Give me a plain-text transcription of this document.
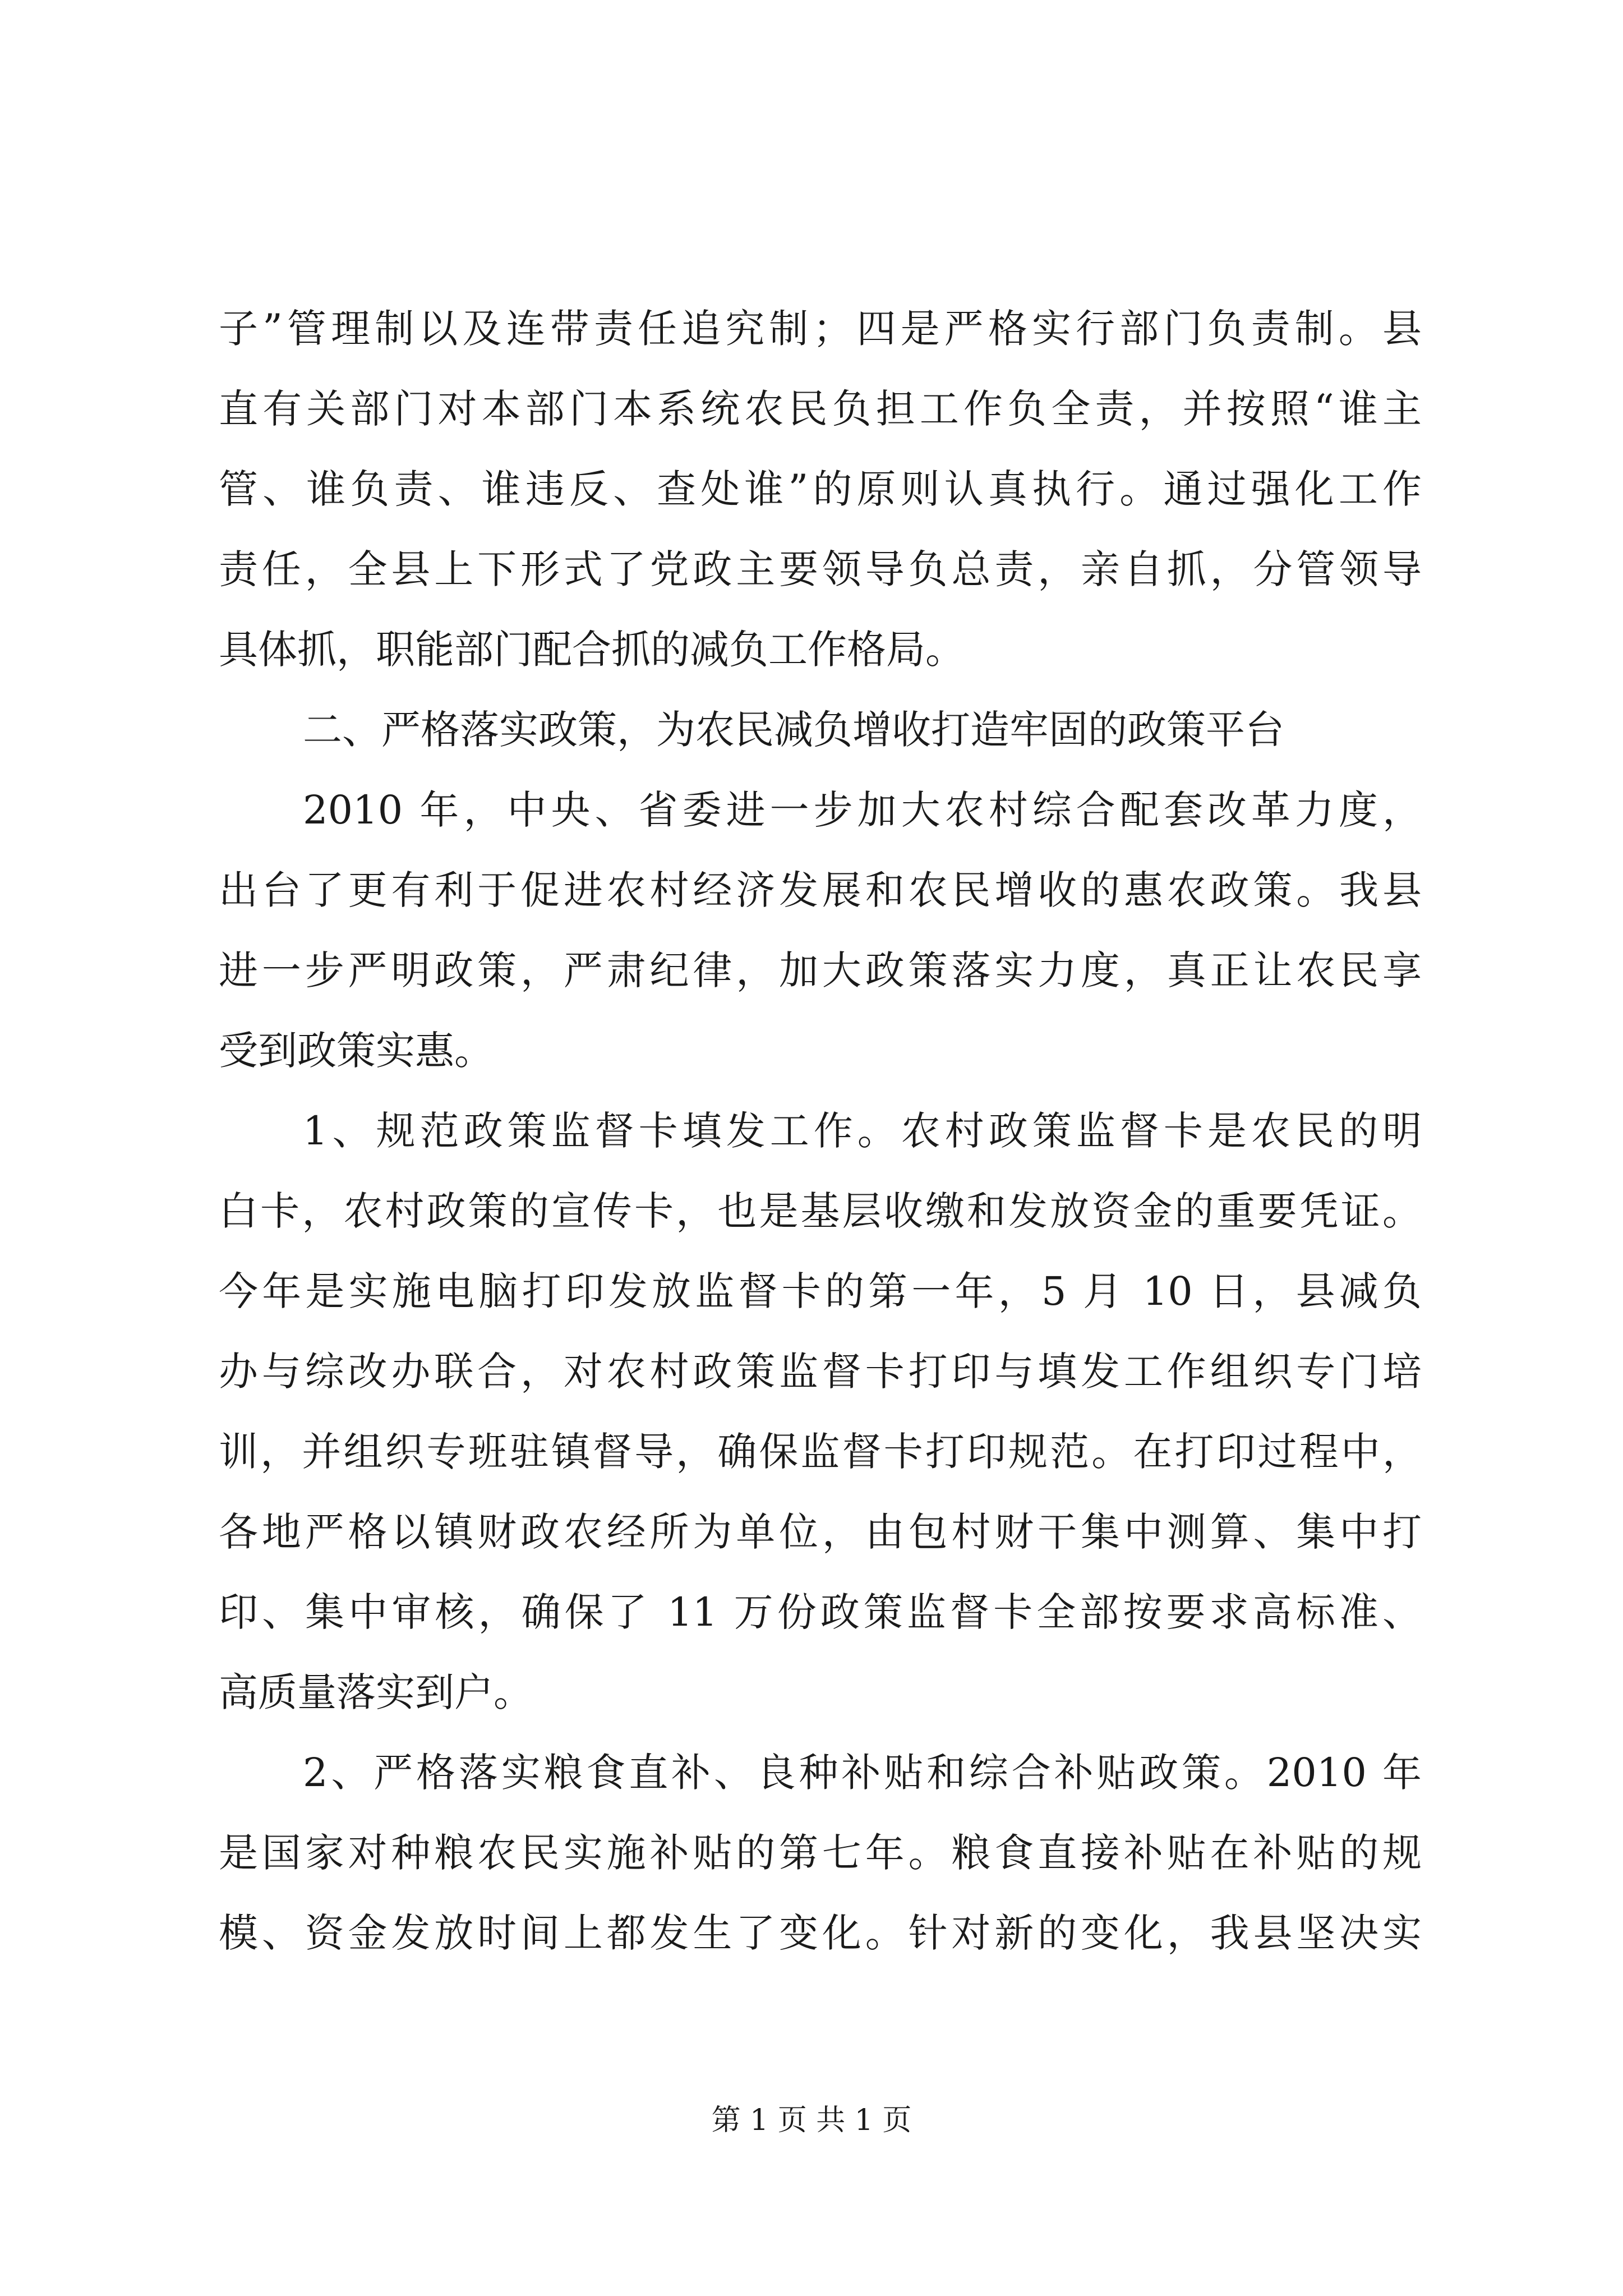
子”管理制以及连带责任追究制；四是严格实行部门负责制。县
直有关部门对本部门本系统农民负担工作负全责，并按照“谁主
管、谁负责、谁违反、查处谁”的原则认真执行。通过强化工作
责任，全县上下形式了党政主要领导负总责，亲自抓，分管领导
具体抓，职能部门配合抓的减负工作格局。
二、严格落实政策，为农民减负增收打造牢固的政策平台
2010 年，中央、省委进一步加大农村综合配套改革力度，
出台了更有利于促进农村经济发展和农民增收的惠农政策。我县
进一步严明政策，严肃纪律，加大政策落实力度，真正让农民享
受到政策实惠。
1、规范政策监督卡填发工作。农村政策监督卡是农民的明
白卡，农村政策的宣传卡，也是基层收缴和发放资金的重要凭证。
今年是实施电脑打印发放监督卡的第一年，5 月 10 日，县减负
办与综改办联合，对农村政策监督卡打印与填发工作组织专门培
训，并组织专班驻镇督导，确保监督卡打印规范。在打印过程中，
各地严格以镇财政农经所为单位，由包村财干集中测算、集中打
印、集中审核，确保了 11 万份政策监督卡全部按要求高标准、
高质量落实到户。
2、严格落实粮食直补、良种补贴和综合补贴政策。2010 年
是国家对种粮农民实施补贴的第七年。粮食直接补贴在补贴的规
模、资金发放时间上都发生了变化。针对新的变化，我县坚决实
第 1 页 共 1 页
